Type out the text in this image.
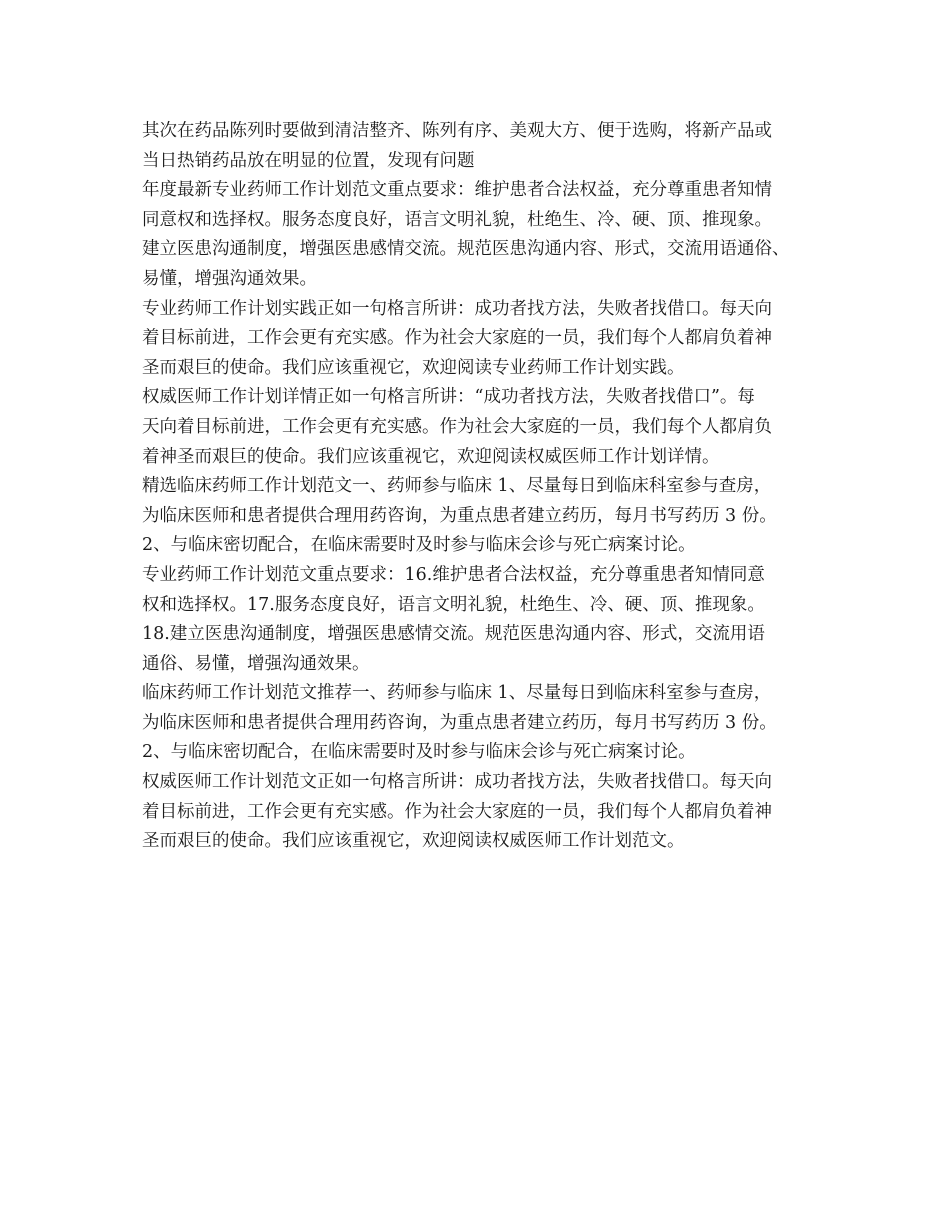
其次在药品陈列时要做到清洁整齐、陈列有序、美观大方、便于选购，将新产品或
当日热销药品放在明显的位置，发现有问题
年度最新专业药师工作计划范文重点要求：维护患者合法权益，充分尊重患者知情
同意权和选择权。服务态度良好，语言文明礼貌，杜绝生、冷、硬、顶、推现象。
建立医患沟通制度，增强医患感情交流。规范医患沟通内容、形式，交流用语通俗、
易懂，增强沟通效果。
专业药师工作计划实践正如一句格言所讲：成功者找方法，失败者找借口。每天向
着目标前进，工作会更有充实感。作为社会大家庭的一员，我们每个人都肩负着神
圣而艰巨的使命。我们应该重视它，欢迎阅读专业药师工作计划实践。
权威医师工作计划详情正如一句格言所讲：“成功者找方法，失败者找借口”。每
天向着目标前进，工作会更有充实感。作为社会大家庭的一员，我们每个人都肩负
着神圣而艰巨的使命。我们应该重视它，欢迎阅读权威医师工作计划详情。
精选临床药师工作计划范文一、药师参与临床 1、尽量每日到临床科室参与查房，
为临床医师和患者提供合理用药咨询，为重点患者建立药历，每月书写药历 3 份。
2、与临床密切配合，在临床需要时及时参与临床会诊与死亡病案讨论。
专业药师工作计划范文重点要求：16.维护患者合法权益，充分尊重患者知情同意
权和选择权。17.服务态度良好，语言文明礼貌，杜绝生、冷、硬、顶、推现象。
18.建立医患沟通制度，增强医患感情交流。规范医患沟通内容、形式，交流用语
通俗、易懂，增强沟通效果。
临床药师工作计划范文推荐一、药师参与临床 1、尽量每日到临床科室参与查房，
为临床医师和患者提供合理用药咨询，为重点患者建立药历，每月书写药历 3 份。
2、与临床密切配合，在临床需要时及时参与临床会诊与死亡病案讨论。
权威医师工作计划范文正如一句格言所讲：成功者找方法，失败者找借口。每天向
着目标前进，工作会更有充实感。作为社会大家庭的一员，我们每个人都肩负着神
圣而艰巨的使命。我们应该重视它，欢迎阅读权威医师工作计划范文。
